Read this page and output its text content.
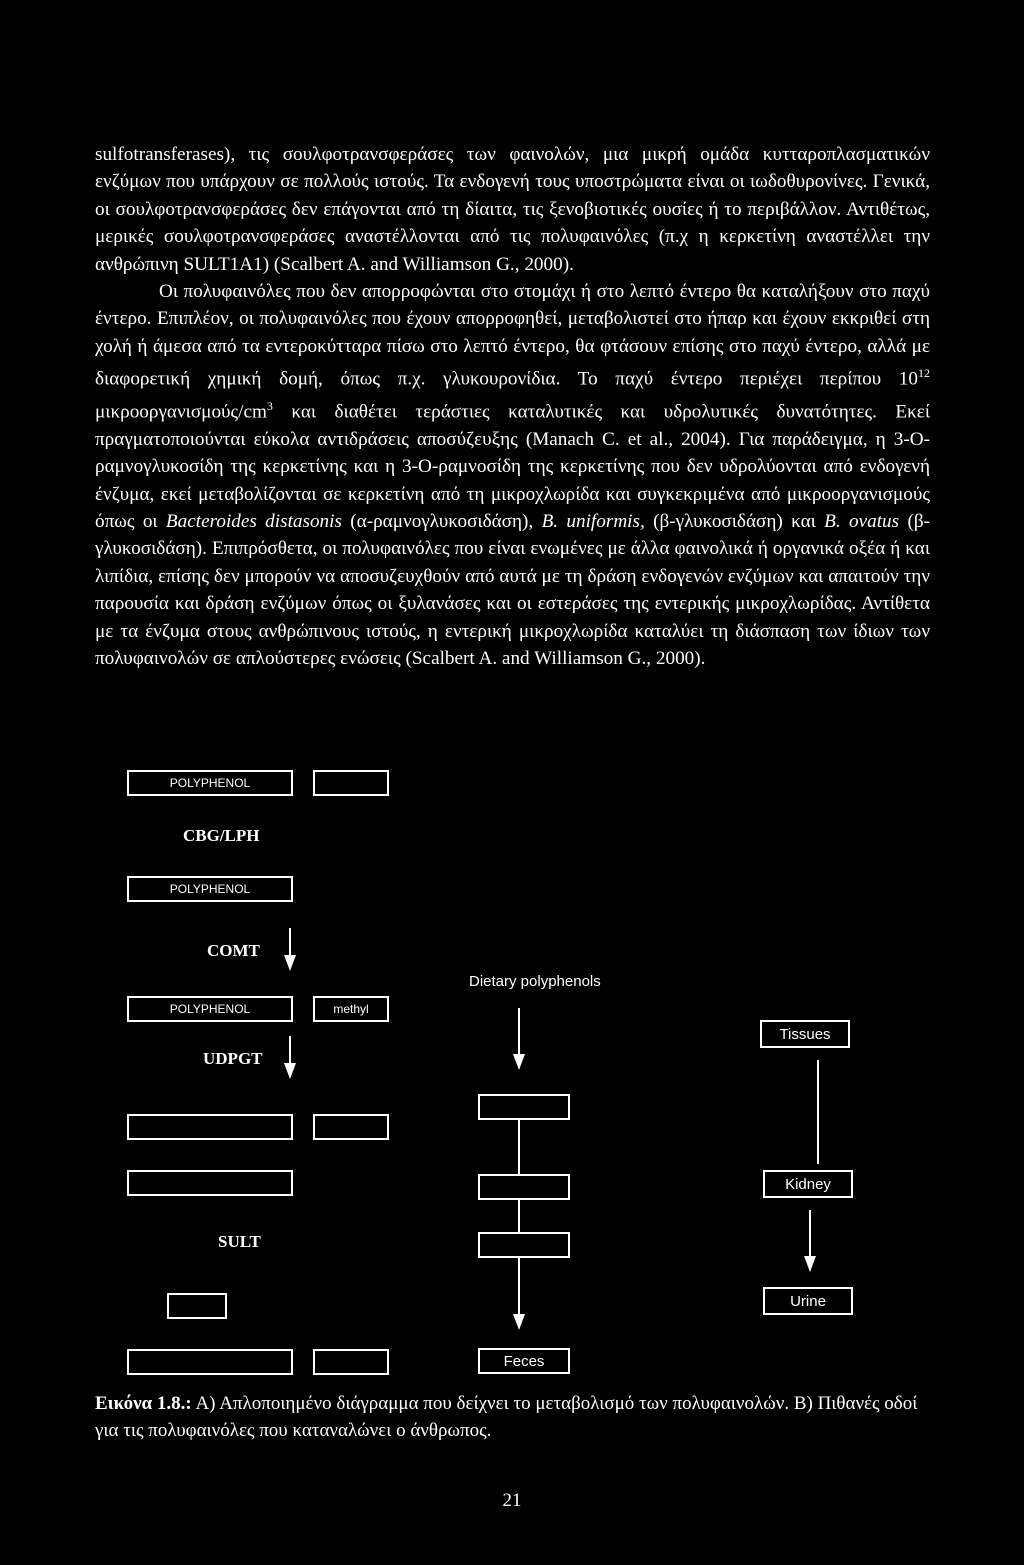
sulfotransferases), τις σουλφοτρανσφεράσες των φαινολών, μια μικρή ομάδα κυτταροπλασματικών ενζύμων που υπάρχουν σε πολλούς ιστούς. Τα ενδογενή τους υποστρώματα είναι οι ιωδοθυρονίνες. Γενικά, οι σουλφοτρανσφεράσες δεν επάγονται από τη δίαιτα, τις ξενοβιοτικές ουσίες ή το περιβάλλον. Αντιθέτως, μερικές σουλφοτρανσφεράσες αναστέλλονται από τις πολυφαινόλες (π.χ η κερκετίνη αναστέλλει την ανθρώπινη SULT1A1) (Scalbert A. and Williamson G., 2000).

Οι πολυφαινόλες που δεν απορροφώνται στο στομάχι ή στο λεπτό έντερο θα καταλήξουν στο παχύ έντερο. Επιπλέον, οι πολυφαινόλες που έχουν απορροφηθεί, μεταβολιστεί στο ήπαρ και έχουν εκκριθεί στη χολή ή άμεσα από τα εντεροκύτταρα πίσω στο λεπτό έντερο, θα φτάσουν επίσης στο παχύ έντερο, αλλά με διαφορετική χημική δομή, όπως π.χ. γλυκουρονίδια. Το παχύ έντερο περιέχει περίπου $10^{12}$ μικροοργανισμούς/$cm^3$ και διαθέτει τεράστιες καταλυτικές και υδρολυτικές δυνατότητες. Εκεί πραγματοποιούνται εύκολα αντιδράσεις αποσύζευξης (Manach C. et al., 2004). Για παράδειγμα, η 3-Ο-ραμνογλυκοσίδη της κερκετίνης και η 3-Ο-ραμνοσίδη της κερκετίνης που δεν υδρολύονται από ενδογενή ένζυμα, εκεί μεταβολίζονται σε κερκετίνη από τη μικροχλωρίδα και συγκεκριμένα από μικροοργανισμούς όπως οι Bacteroides distasonis (α-ραμνογλυκοσιδάση), B. uniformis, (β-γλυκοσιδάση) και B. ovatus (β-γλυκοσιδάση). Επιπρόσθετα, οι πολυφαινόλες που είναι ενωμένες με άλλα φαινολικά ή οργανικά οξέα ή και λιπίδια, επίσης δεν μπορούν να αποσυζευχθούν από αυτά με τη δράση ενδογενών ενζύμων και απαιτούν την παρουσία και δράση ενζύμων όπως οι ξυλανάσες και οι εστεράσες της εντερικής μικροχλωρίδας. Αντίθετα με τα ένζυμα στους ανθρώπινους ιστούς, η εντερική μικροχλωρίδα καταλύει τη διάσπαση των ίδιων των πολυφαινολών σε απλούστερες ενώσεις (Scalbert A. and Williamson G., 2000).

POLYPHENOL
CBG/LPH
POLYPHENOL
COMT
POLYPHENOL	methyl
UDPGT
SULT
Dietary polyphenols
Feces
Tissues
Kidney
Urine
Εικόνα 1.8.: Α) Απλοποιημένο διάγραμμα που δείχνει το μεταβολισμό των πολυφαινολών. Β) Πιθανές οδοί για τις πολυφαινόλες που καταναλώνει ο άνθρωπος.
21
